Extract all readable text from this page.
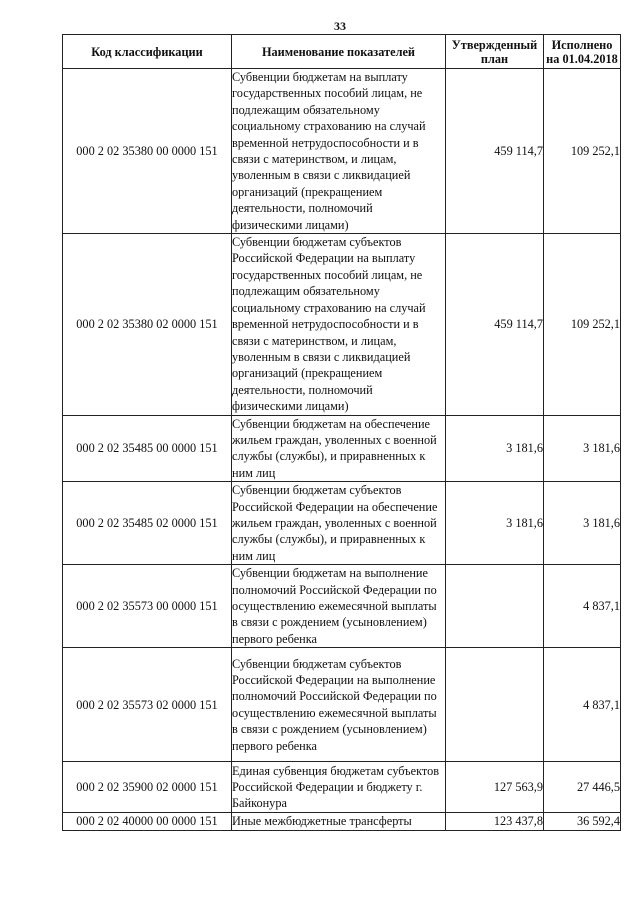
33
Код классификации	Наименование показателей	Утвержденный план	Исполнено
на 01.04.2018
000 2 02 35380 00 0000 151	Субвенции бюджетам на выплату государственных пособий лицам, не подлежащим обязательному социальному страхованию на случай временной нетрудоспособности и в связи с материнством, и лицам, уволенным в связи с ликвидацией организаций (прекращением деятельности, полномочий физическими лицами)	459 114,7	109 252,1
000 2 02 35380 02 0000 151	Субвенции бюджетам субъектов Российской Федерации на выплату государственных пособий лицам, не подлежащим обязательному социальному страхованию на случай временной нетрудоспособности и в связи с материнством, и лицам, уволенным в связи с ликвидацией организаций (прекращением деятельности, полномочий физическими лицами)	459 114,7	109 252,1
000 2 02 35485 00 0000 151	Субвенции бюджетам на обеспечение жильем граждан, уволенных с военной службы (службы), и приравненных к ним лиц	3 181,6	3 181,6
000 2 02 35485 02 0000 151	Субвенции бюджетам субъектов Российской Федерации на обеспечение жильем граждан, уволенных с военной службы (службы), и приравненных к ним лиц	3 181,6	3 181,6
000 2 02 35573 00 0000 151	Субвенции бюджетам на выполнение полномочий Российской Федерации по осуществлению ежемесячной выплаты в связи с рождением (усыновлением) первого ребенка		4 837,1
000 2 02 35573 02 0000 151	Субвенции бюджетам субъектов Российской Федерации на выполнение полномочий Российской Федерации по осуществлению ежемесячной выплаты в связи с рождением (усыновлением) первого ребенка		4 837,1
000 2 02 35900 02 0000 151	Единая субвенция бюджетам субъектов Российской Федерации и бюджету г. Байконура	127 563,9	27 446,5
000 2 02 40000 00 0000 151	Иные межбюджетные трансферты	123 437,8	36 592,4
